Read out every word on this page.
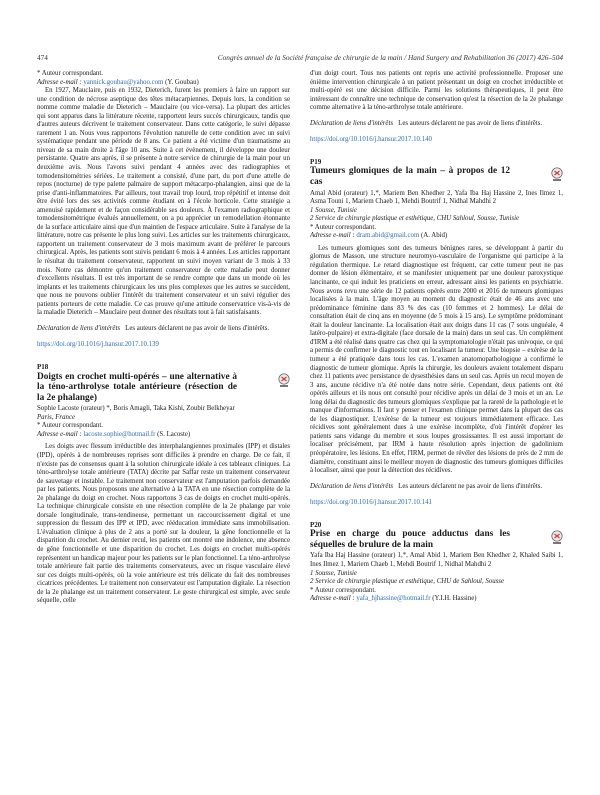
474	Congrès annuel de la Société française de chirurgie de la main / Hand Surgery and Rehabilitation 36 (2017) 426–504

* Auteur correspondant.

Adresse e-mail : yannick.goubau@yahoo.com (Y. Goubau)

En 1927, Mauclaire, puis en 1932, Dieterich, furent les premiers à faire un rapport sur une condition de nécrose aseptique des têtes métacarpiennes. Depuis lors, la condition se nomme comme maladie de Dieterich – Mauclaire (ou vice-versa). La plupart des articles qui sont apparus dans la littérature récente, rapportent leurs succès chirurgicaux, tandis que d'autres auteurs décrivent le traitement conservateur. Dans cette catégorie, le suivi dépasse rarement 1 an. Nous vous rapportons l'évolution naturelle de cette condition avec un suivi systématique pendant une période de 8 ans. Ce patient a été victime d'un traumatisme au niveau de sa main droite à l'âge 10 ans. Suite à cet évènement, il développe une douleur persistante. Quatre ans après, il se présente à notre service de chirurgie de la main pour un deuxième avis. Nous l'avons suivi pendant 4 années avec des radiographies et tomodensitométries sériées. Le traitement a consisté, d'une part, du port d'une attelle de repos (nocturne) de type palette palmaire de support métacarpo-phalangien, ainsi que de la prise d'anti-inflammatoires. Par ailleurs, tout travail trop lourd, trop répétitif et intense doit être évité lors des ses activités comme étudiant en à l'école horticole. Cette stratégie a amenuisé rapidement et de façon considérable ses douleurs. À l'examen radiographique et tomodensitométrique évalués annuellement, on a pu apprécier un remodellation étonnante de la surface articulaire ainsi que d'un maintien de l'espace articulaire. Suite à l'analyse de la littérature, notre cas présente le plus long suivi. Les articles sur les traitements chirurgicaux, rapportent un traitement conservateur de 3 mois maximum avant de préférer le parcours chirurgical. Après, les patients sont suivis pendant 6 mois à 4 années. Les articles rapportant le résultat du traitement conservateur, rapportent un suivi moyen variant de 3 mois à 33 mois. Notre cas démontre qu'un traitement conservateur de cette maladie peut donner d'excellents résultats. Il est très important de se rendre compte que dans un monde où les implants et les traitements chirurgicaux les uns plus complexes que les autres se succèdent, que nous ne pouvons oublier l'intérêt du traitement conservateur et un suivi régulier des patients porteurs de cette maladie. Ce cas prouve qu'une attitude conservatrice vis-à-vis de la maladie Dieterich – Mauclaire peut donner des résultats tout à fait satisfaisants.

Déclaration de liens d'intérêts Les auteurs déclarent ne pas avoir de liens d'intérêts.

https://doi.org/10.1016/j.hansur.2017.10.139

P18
Doigts en crochet multi-opérés – une alternative à la téno-arthrolyse totale antérieure (résection de la 2e phalange)

Sophie Lacoste (orateur) *, Boris Amagli, Taka Kishi, Zoubir Belkheyar

Paris, France

* Auteur correspondant.

Adresse e-mail : lacoste.sophie@hotmail.fr (S. Lacoste)

Les doigts avec flessum irréductible des interphalangiennes proximales (IPP) et distales (IPD), opérés à de nombreuses reprises sont difficiles à prendre en charge. De ce fait, il n'existe pas de consensus quant à la solution chirurgicale idéale à ces tableaux cliniques. La téno-arthrolyse totale antérieure (TATA) décrite par Saffar reste un traitement conservateur de sauvetage et instable. Le traitement non conservateur est l'amputation parfois demandée par les patients. Nous proposons une alternative à la TATA en une résection complète de la 2e phalange du doigt en crochet. Nous rapportons 3 cas de doigts en crochet multi-opérés. La technique chirurgicale consiste en une résection complète de la 2e phalange par voie dorsale longitudinale, trans-tendineuse, permettant un raccourcissement digital et une suppression du flessum des IPP et IPD, avec rééducation immédiate sans immobilisation. L'évaluation clinique à plus de 2 ans a porté sur la douleur, la gêne fonctionnelle et la disparition du crochet. Au dernier recul, les patients ont montré une indolence, une absence de gêne fonctionnelle et une disparition du crochet. Les doigts en crochet multi-opérés représentent un handicap majeur pour les patients sur le plan fonctionnel. La téno-arthrolyse totale antérieure fait partie des traitements conservateurs, avec un risque vasculaire élevé sur ces doigts multi-opérés, où la voie antérieure est très délicate du fait des nombreuses cicatrices précédentes. Le traitement non conservateur est l'amputation digitale. La résection de la 2e phalange est un traitement conservateur. Le geste chirurgical est simple, avec seule séquelle, celle

d'un doigt court. Tous nos patients ont repris une activité professionnelle. Proposer une énième intervention chirurgicale à un patient présentant un doigt en crochet irréductible et multi-opéré est une décision difficile. Parmi les solutions thérapeutiques, il peut être intéressant de connaître une technique de conservation qu'est la résection de la 2e phalange comme alternative à la téno-arthrolyse totale antérieure.

Déclaration de liens d'intérêts Les auteurs déclarent ne pas avoir de liens d'intérêts.

https://doi.org/10.1016/j.hansur.2017.10.140

P19
Tumeurs glomiques de la main – à propos de 12 cas

Amal Abid (orateur) 1,*, Mariem Ben Khedher 2, Yafa Iba Haj Hassine 2, Ines Ilmez 1, Asma Touni 1, Mariem Chaeb 1, Mehdi Boutrif 1, Nidhal Mahdhi 2

1 Sousse, Tunisie

2 Service de chirurgie plastique et esthétique, CHU Sahloul, Sousse, Tunisie

* Auteur correspondant.

Adresse e-mail : dram.abid@gmail.com (A. Abid)

Les tumeurs glomiques sont des tumeurs bénignes rares, se développant à partir du glomus de Masson, une structure neuromyo-vasculaire de l'organisme qui participe à la régulation thermique. Le retard diagnostique est fréquent, car cette tumeur peut ne pas donner de lésion élémentaire, et se manifester uniquement par une douleur paroxystique lancinante, ce qui induit les praticiens en erreur, adressant ainsi les patients en psychiatrie. Nous avons revu une série de 12 patients opérés entre 2000 et 2016 de tumeurs glomiques localisées à la main. L'âge moyen au moment du diagnostic était de 46 ans avec une prédominance féminine dans 83 % des cas (10 femmes et 2 hommes). Le délai de consultation était de cinq ans en moyenne (de 5 mois à 15 ans). Le symptôme prédominant était la douleur lancinante. La localisation était aux doigts dans 11 cas (7 sous unguéale, 4 latéro-pulpaire) et extra-digitale (face dorsale de la main) dans un seul cas. Un complément d'IRM a été réalisé dans quatre cas chez qui la symptomatologie n'était pas univoque, ce qui a permis de confirmer le diagnostic tout en localisant la tumeur. Une biopsie – exérèse de la tumeur a été pratiquée dans tous les cas. L'examen anatomopathologique a confirmé le diagnostic de tumeur glomique. Après la chirurgie, les douleurs avaient totalement disparu chez 11 patients avec persistance de dysesthésies dans un seul cas. Après un recul moyen de 3 ans, aucune récidive n'a été notée dans notre série. Cependant, deux patients ont été opérés ailleurs et ils nous ont consulté pour récidive après un délai de 3 mois et un an. Le long délai du diagnostic des tumeurs glomiques s'explique par la rareté de la pathologie et le manque d'informations. Il faut y penser et l'examen clinique permet dans la plupart des cas de les diagnostiquer. L'exérèse de la tumeur est toujours immédiatement efficace. Les récidives sont généralement dues à une exérèse incomplète, d'où l'intérêt d'opérer les patients sans vidange du membre et sous loupes grossissantes. Il est aussi important de localiser précisément, par IRM à haute résolution après injection de gadolinium préopératoire, les lésions. En effet, l'IRM, permet de révéler des lésions de près de 2 mm de diamètre, constituant ainsi le meilleur moyen de diagnostic des tumeurs glomiques difficiles à localiser, ainsi que pour la détection des récidives.

Déclaration de liens d'intérêts Les auteurs déclarent ne pas avoir de liens d'intérêts.

https://doi.org/10.1016/j.hansur.2017.10.141

P20
Prise en charge du pouce adductus dans les séquelles de brulure de la main

Yafa Iba Haj Hassine (orateur) 1,*, Amal Abid 1, Mariem Ben Khedher 2, Khaled Saibi 1, Ines Ilmez 1, Mariem Chaeb 1, Mehdi Boutrif 1, Nidhal Mahdhi 2

1 Sousse, Tunisie

2 Service de chirurgie plastique et esthétique, CHU de Sahloul, Sousse

* Auteur correspondant.

Adresse e-mail : yafa_hjhassine@hotmail.fr (Y.I.H. Hassine)
